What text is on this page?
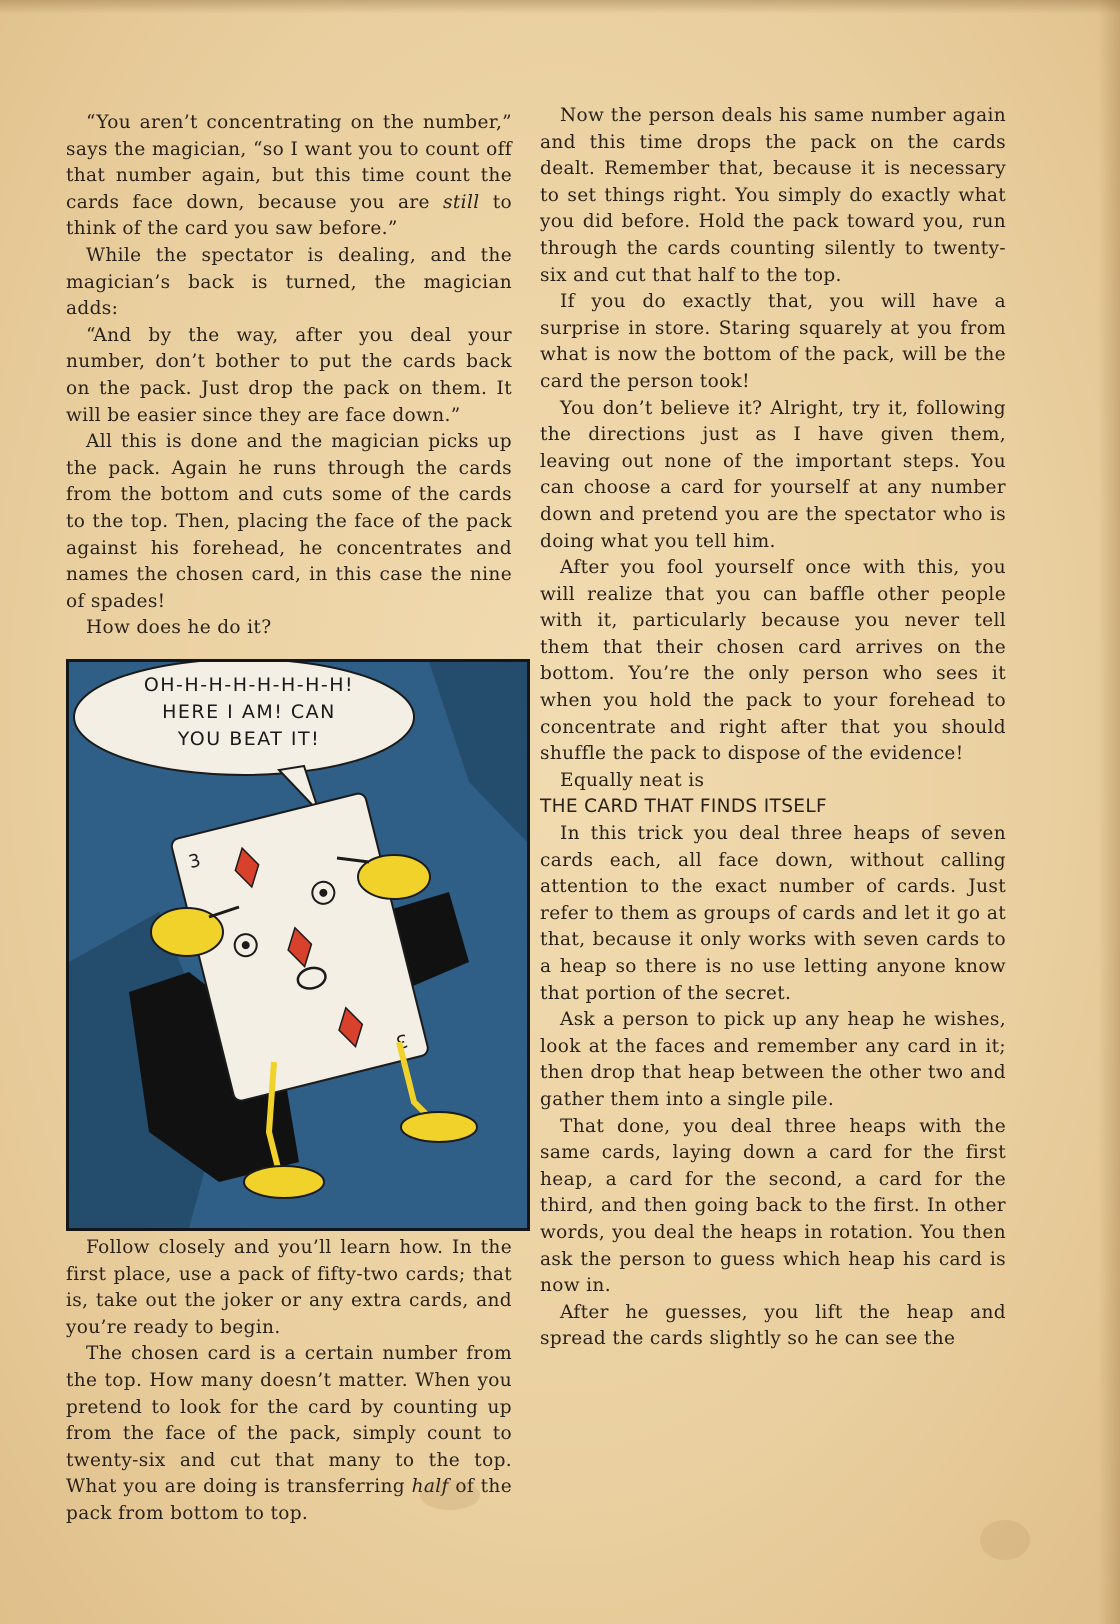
“You aren’t concentrating on the number,” says the magician, “so I want you to count off that number again, but this time count the cards face down, because you are still to think of the card you saw before.”

While the spectator is dealing, and the magician’s back is turned, the magician adds:

“And by the way, after you deal your number, don’t bother to put the cards back on the pack. Just drop the pack on them. It will be easier since they are face down.”

All this is done and the magician picks up the pack. Again he runs through the cards from the bottom and cuts some of the cards to the top. Then, placing the face of the pack against his forehead, he concentrates and names the chosen card, in this case the nine of spades!

How does he do it?

3
3
OH-H-H-H-H-H-H-H!
HERE I AM! CAN
YOU BEAT IT!

Follow closely and you’ll learn how. In the first place, use a pack of fifty-two cards; that is, take out the joker or any extra cards, and you’re ready to begin.

The chosen card is a certain number from the top. How many doesn’t matter. When you pretend to look for the card by counting up from the face of the pack, simply count to twenty-six and cut that many to the top. What you are doing is transferring half of the pack from bottom to top.

Now the person deals his same number again and this time drops the pack on the cards dealt. Remember that, because it is necessary to set things right. You simply do exactly what you did before. Hold the pack toward you, run through the cards counting silently to twenty-six and cut that half to the top.

If you do exactly that, you will have a surprise in store. Staring squarely at you from what is now the bottom of the pack, will be the card the person took!

You don’t believe it? Alright, try it, following the directions just as I have given them, leaving out none of the important steps. You can choose a card for yourself at any number down and pretend you are the spectator who is doing what you tell him.

After you fool yourself once with this, you will realize that you can baffle other people with it, particularly because you never tell them that their chosen card arrives on the bottom. You’re the only person who sees it when you hold the pack to your forehead to concentrate and right after that you should shuffle the pack to dispose of the evidence!

Equally neat is

THE CARD THAT FINDS ITSELF

In this trick you deal three heaps of seven cards each, all face down, without calling attention to the exact number of cards. Just refer to them as groups of cards and let it go at that, because it only works with seven cards to a heap so there is no use letting anyone know that portion of the secret.

Ask a person to pick up any heap he wishes, look at the faces and remember any card in it; then drop that heap between the other two and gather them into a single pile.

That done, you deal three heaps with the same cards, laying down a card for the first heap, a card for the second, a card for the third, and then going back to the first. In other words, you deal the heaps in rotation. You then ask the person to guess which heap his card is now in.

After he guesses, you lift the heap and spread the cards slightly so he can see the
